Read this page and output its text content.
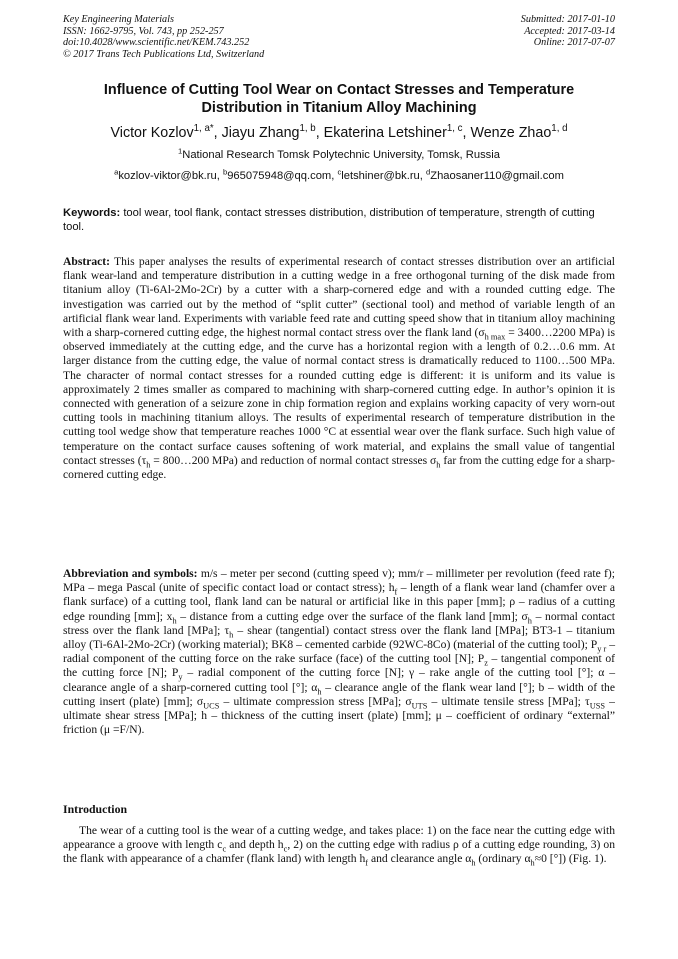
Key Engineering Materials
ISSN: 1662-9795, Vol. 743, pp 252-257
doi:10.4028/www.scientific.net/KEM.743.252
© 2017 Trans Tech Publications Ltd, Switzerland
Submitted: 2017-01-10
Accepted: 2017-03-14
Online: 2017-07-07
Influence of Cutting Tool Wear on Contact Stresses and Temperature Distribution in Titanium Alloy Machining
Victor Kozlov$^{1, a*}$, Jiayu Zhang$^{1, b}$, Ekaterina Letshiner$^{1, c}$, Wenze Zhao$^{1, d}$
$^1$National Research Tomsk Polytechnic University, Tomsk, Russia
$^a$kozlov-viktor@bk.ru, $^b$965075948@qq.com, $^c$letshiner@bk.ru, $^d$Zhaosaner110@gmail.com
Keywords: tool wear, tool flank, contact stresses distribution, distribution of temperature, strength of cutting tool.
Abstract: This paper analyses the results of experimental research of contact stresses distribution over an artificial flank wear-land and temperature distribution in a cutting wedge in a free orthogonal turning of the disk made from titanium alloy (Ti-6Al-2Mo-2Cr) by a cutter with a sharp-cornered edge and with a rounded cutting edge. The investigation was carried out by the method of “split cutter” (sectional tool) and method of variable length of an artificial flank wear land. Experiments with variable feed rate and cutting speed show that in titanium alloy machining with a sharp-cornered cutting edge, the highest normal contact stress over the flank land ($\sigma_{h max}$ = 3400…2200 MPa) is observed immediately at the cutting edge, and the curve has a horizontal region with a length of 0.2…0.6 mm. At larger distance from the cutting edge, the value of normal contact stress is dramatically reduced to 1100…500 MPa. The character of normal contact stresses for a rounded cutting edge is different: it is uniform and its value is approximately 2 times smaller as compared to machining with sharp-cornered cutting edge. In author’s opinion it is connected with generation of a seizure zone in chip formation region and explains working capacity of very worn-out cutting tools in machining titanium alloys. The results of experimental research of temperature distribution in the cutting tool wedge show that temperature reaches 1000 °C at essential wear over the flank surface. Such high value of temperature on the contact surface causes softening of work material, and explains the small value of tangential contact stresses ($\tau_h$ = 800…200 MPa) and reduction of normal contact stresses $\sigma_h$ far from the cutting edge for a sharp-cornered cutting edge.
Abbreviation and symbols: m/s – meter per second (cutting speed v); mm/r – millimeter per revolution (feed rate f); MPa – mega Pascal (unite of specific contact load or contact stress); $h_f$ – length of a flank wear land (chamfer over a flank surface) of a cutting tool, flank land can be natural or artificial like in this paper [mm]; ρ – radius of a cutting edge rounding [mm]; $x_h$ – distance from a cutting edge over the surface of the flank land [mm]; $\sigma_h$ – normal contact stress over the flank land [MPa]; $\tau_h$ – shear (tangential) contact stress over the flank land [MPa]; BT3-1 – titanium alloy (Ti-6Al-2Mo-2Cr) (working material); BK8 – cemented carbide (92WC-8Co) (material of the cutting tool); $P_{y r}$ – radial component of the cutting force on the rake surface (face) of the cutting tool [N]; $P_z$ – tangential component of the cutting force [N]; $P_y$ – radial component of the cutting force [N]; γ – rake angle of the cutting tool [°]; α – clearance angle of a sharp-cornered cutting tool [°]; $\alpha_h$ – clearance angle of the flank wear land [°]; b – width of the cutting insert (plate) [mm]; $\sigma_{UCS}$ – ultimate compression stress [MPa]; $\sigma_{UTS}$ – ultimate tensile stress [MPa]; $\tau_{USS}$ – ultimate shear stress [MPa]; h – thickness of the cutting insert (plate) [mm]; μ – coefficient of ordinary “external” friction (μ =F/N).
Introduction
The wear of a cutting tool is the wear of a cutting wedge, and takes place: 1) on the face near the cutting edge with appearance a groove with length $c_c$ and depth $h_c$, 2) on the cutting edge with radius ρ of a cutting edge rounding, 3) on the flank with appearance of a chamfer (flank land) with length $h_f$ and clearance angle $\alpha_h$ (ordinary $\alpha_h\approx 0$ [°]) (Fig. 1).
